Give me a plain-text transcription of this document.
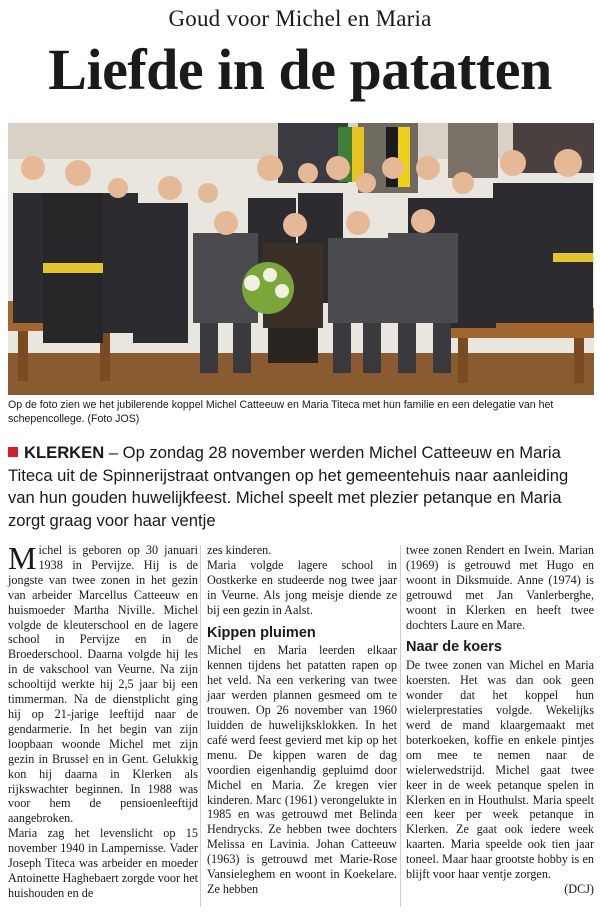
Goud voor Michel en Maria
Liefde in de patatten
Op de foto zien we het jubilerende koppel Michel Catteeuw en Maria Titeca met hun familie en een delegatie van het schepencollege. (Foto JOS)
KLERKEN – Op zondag 28 november werden Michel Catteeuw en Maria Titeca uit de Spinnerijstraat ontvangen op het gemeentehuis naar aanleiding van hun gouden huwelijkfeest. Michel speelt met plezier petanque en Maria zorgt graag voor haar ventje

Michel is geboren op 30 januari 1938 in Pervijze. Hij is de jongste van twee zonen in het gezin van arbeider Marcellus Catteeuw en huismoeder Martha Niville. Michel volgde de kleuterschool en de lagere school in Pervijze en in de Broederschool. Daarna volgde hij les in de vakschool van Veurne. Na zijn schooltijd werkte hij 2,5 jaar bij een timmerman. Na de dienstplicht ging hij op 21-jarige leeftijd naar de gendarmerie. In het begin van zijn loopbaan woonde Michel met zijn gezin in Brussel en in Gent. Gelukkig kon hij daarna in Klerken als rijkswachter beginnen. In 1988 was voor hem de pensioenleeftijd aangebroken.

Maria zag het levenslicht op 15 november 1940 in Lampernisse. Vader Joseph Titeca was arbeider en moeder Antoinette Haghebaert zorgde voor het huishouden en de

zes kinderen.

Maria volgde lagere school in Oostkerke en studeerde nog twee jaar in Veurne. Als jong meisje diende ze bij een gezin in Aalst.

Kippen pluimen

Michel en Maria leerden elkaar kennen tijdens het patatten rapen op het veld. Na een verkering van twee jaar werden plannen gesmeed om te trouwen. Op 26 november van 1960 luidden de huwelijksklokken. In het café werd feest gevierd met kip op het menu. De kippen waren de dag voordien eigenhandig gepluimd door Michel en Maria. Ze kregen vier kinderen. Marc (1961) verongelukte in 1985 en was getrouwd met Belinda Hendrycks. Ze hebben twee dochters Melissa en Lavinia. Johan Catteeuw (1963) is getrouwd met Marie-Rose Vansieleghem en woont in Koekelare. Ze hebben

twee zonen Rendert en Iwein. Marian (1969) is getrouwd met Hugo en woont in Diksmuide. Anne (1974) is getrouwd met Jan Vanlerberghe, woont in Klerken en heeft twee dochters Laure en Mare.

Naar de koers

De twee zonen van Michel en Maria koersten. Het was dan ook geen wonder dat het koppel hun wielerprestaties volgde. Wekelijks werd de mand klaargemaakt met boterkoeken, koffie en enkele pintjes om mee te nemen naar de wielerwedstrijd. Michel gaat twee keer in de week petanque spelen in Klerken en in Houthulst. Maria speelt een keer per week petanque in Klerken. Ze gaat ook iedere week kaarten. Maria speelde ook tien jaar toneel. Maar haar grootste hobby is en blijft voor haar ventje zorgen.

(DCJ)
